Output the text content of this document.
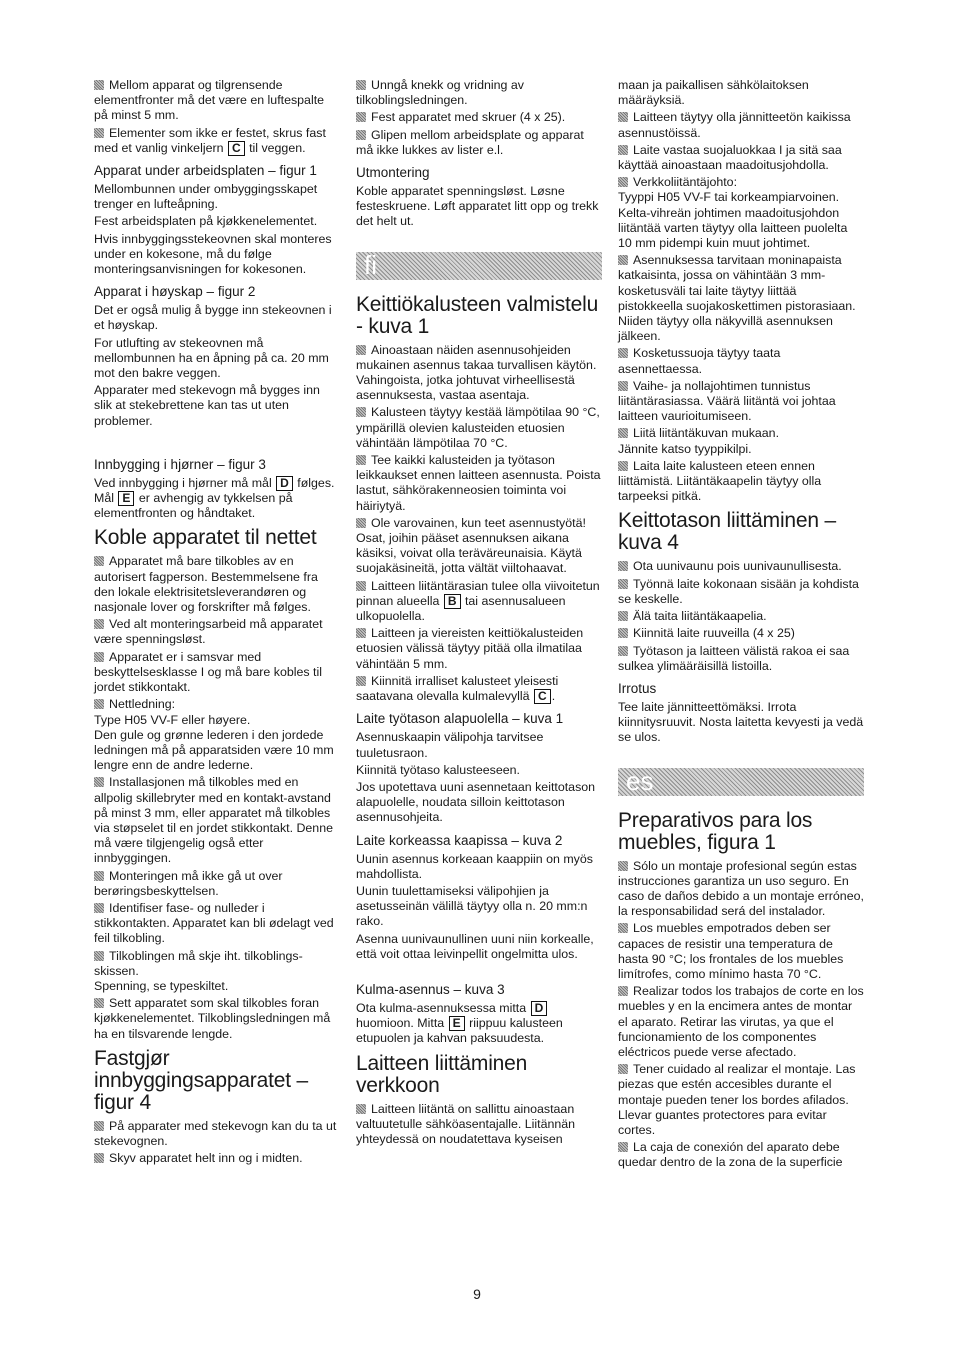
Mellom apparat og tilgrensende elementfronter må det være en luftespalte på minst 5 mm.

Elementer som ikke er festet, skrus fast med et vanlig vinkeljern C til veggen.

Apparat under arbeidsplaten – figur 1

Mellombunnen under ombyggingsskapet trenger en lufteåpning.

Fest arbeidsplaten på kjøkkenelementet.

Hvis innbyggingsstekeovnen skal monteres under en kokesone, må du følge monteringsanvisningen for kokesonen.

Apparat i høyskap – figur 2

Det er også mulig å bygge inn stekeovnen i et høyskap.

For utlufting av stekeovnen må mellombunnen ha en åpning på ca. 20 mm mot den bakre veggen.

Apparater med stekevogn må bygges inn slik at stekebrettene kan tas ut uten problemer.

Innbygging i hjørner – figur 3

Ved innbygging i hjørner må mål D følges. Mål E er avhengig av tykkelsen på elementfronten og håndtaket.

Koble apparatet til nettet

Apparatet må bare tilkobles av en autorisert fagperson. Bestemmelsene fra den lokale elektrisitetsleverandøren og nasjonale lover og forskrifter må følges.

Ved alt monteringsarbeid må apparatet være spenningsløst.

Apparatet er i samsvar med beskyttelsesklasse I og må bare kobles til jordet stikkontakt.

Nettledning:
Type H05 VV-F eller høyere.
Den gule og grønne lederen i den jordede ledningen må på apparatsiden være 10 mm lengre enn de andre lederne.

Installasjonen må tilkobles med en allpolig skillebryter med en kontakt-avstand på minst 3 mm, eller apparatet må tilkobles via støpselet til en jordet stikkontakt. Denne må være tilgjengelig også etter innbyggingen.

Monteringen må ikke gå ut over berøringsbeskyttelsen.

Identifiser fase- og nulleder i stikkontakten. Apparatet kan bli ødelagt ved feil tilkobling.

Tilkoblingen må skje iht. tilkoblings-skissen.
Spenning, se typeskiltet.

Sett apparatet som skal tilkobles foran kjøkkenelementet. Tilkoblingsledningen må ha en tilsvarende lengde.

Fastgjør innbyggingsapparatet – figur 4

På apparater med stekevogn kan du ta ut stekevognen.

Skyv apparatet helt inn og i midten.

Unngå knekk og vridning av tilkoblingsledningen.

Fest apparatet med skruer (4 x 25).

Glipen mellom arbeidsplate og apparat må ikke lukkes av lister e.l.

Utmontering

Koble apparatet spenningsløst. Løsne festeskruene. Løft apparatet litt opp og trekk det helt ut.

fi
Keittiökalusteen valmistelu - kuva 1

Ainoastaan näiden asennusohjeiden mukainen asennus takaa turvallisen käytön. Vahingoista, jotka johtuvat virheellisestä asennuksesta, vastaa asentaja.

Kalusteen täytyy kestää lämpötilaa 90 °C, ympärillä olevien kalusteiden etuosien vähintään lämpötilaa 70 °C.

Tee kaikki kalusteiden ja työtason leikkaukset ennen laitteen asennusta. Poista lastut, sähkörakenneosien toiminta voi häiriytyä.

Ole varovainen, kun teet asennustyötä! Osat, joihin pääset asennuksen aikana käsiksi, voivat olla teräväreunaisia. Käytä suojakäsineitä, jotta vältät viiltohaavat.

Laitteen liitäntärasian tulee olla viivoitetun pinnan alueella B tai asennusalueen ulkopuolella.

Laitteen ja viereisten keittiökalusteiden etuosien välissä täytyy pitää olla ilmatilaa vähintään 5 mm.

Kiinnitä irralliset kalusteet yleisesti saatavana olevalla kulmalevyllä C .

Laite työtason alapuolella – kuva 1

Asennuskaapin välipohja tarvitsee tuuletusraon.

Kiinnitä työtaso kalusteeseen.

Jos upotettava uuni asennetaan keittotason alapuolelle, noudata silloin keittotason asennusohjeita.

Laite korkeassa kaapissa – kuva 2

Uunin asennus korkeaan kaappiin on myös mahdollista.

Uunin tuulettamiseksi välipohjien ja asetusseinän välillä täytyy olla n. 20 mm:n rako.

Asenna uunivaunullinen uuni niin korkealle, että voit ottaa leivinpellit ongelmitta ulos.

Kulma-asennus – kuva 3

Ota kulma-asennuksessa mitta D huomioon. Mitta E riippuu kalusteen etupuolen ja kahvan paksuudesta.

Laitteen liittäminen verkkoon

Laitteen liitäntä on sallittu ainoastaan valtuutetulle sähköasentajalle. Liitännän yhteydessä on noudatettava kyseisen

maan ja paikallisen sähkölaitoksen määräyksiä.

Laitteen täytyy olla jännitteetön kaikissa asennustöissä.

Laite vastaa suojaluokkaa I ja sitä saa käyttää ainoastaan maadoitusjohdolla.

Verkkoliitäntäjohto:
Tyyppi H05 VV-F tai korkeampiarvoinen. Kelta-vihreän johtimen maadoitusjohdon liitäntää varten täytyy olla laitteen puolelta 10 mm pidempi kuin muut johtimet.

Asennuksessa tarvitaan moninapaista katkaisinta, jossa on vähintään 3 mm-kosketusväli tai laite täytyy liittää pistokkeella suojakoskettimen pistorasiaan. Niiden täytyy olla näkyvillä asennuksen jälkeen.

Kosketussuoja täytyy taata asennettaessa.

Vaihe- ja nollajohtimen tunnistus liitäntärasiassa. Väärä liitäntä voi johtaa laitteen vaurioitumiseen.

Liitä liitäntäkuvan mukaan.
Jännite katso tyyppikilpi.

Laita laite kalusteen eteen ennen liittämistä. Liitäntäkaapelin täytyy olla tarpeeksi pitkä.

Keittotason liittäminen – kuva 4

Ota uunivaunu pois uunivaunullisesta.

Työnnä laite kokonaan sisään ja kohdista se keskelle.

Älä taita liitäntäkaapelia.

Kiinnitä laite ruuveilla (4 x 25)

Työtason ja laitteen välistä rakoa ei saa sulkea ylimääräisillä listoilla.

Irrotus

Tee laite jännitteettömäksi. Irrota kiinnitysruuvit. Nosta laitetta kevyesti ja vedä se ulos.

es
Preparativos para los muebles, figura 1

Sólo un montaje profesional según estas instrucciones garantiza un uso seguro. En caso de daños debido a un montaje erróneo, la responsabilidad será del instalador.

Los muebles empotrados deben ser capaces de resistir una temperatura de hasta 90 °C; los frontales de los muebles limítrofes, como mínimo hasta 70 °C.

Realizar todos los trabajos de corte en los muebles y en la encimera antes de montar el aparato. Retirar las virutas, ya que el funcionamiento de los componentes eléctricos puede verse afectado.

Tener cuidado al realizar el montaje. Las piezas que estén accesibles durante el montaje pueden tener los bordes afilados. Llevar guantes protectores para evitar cortes.

La caja de conexión del aparato debe quedar dentro de la zona de la superficie

9
